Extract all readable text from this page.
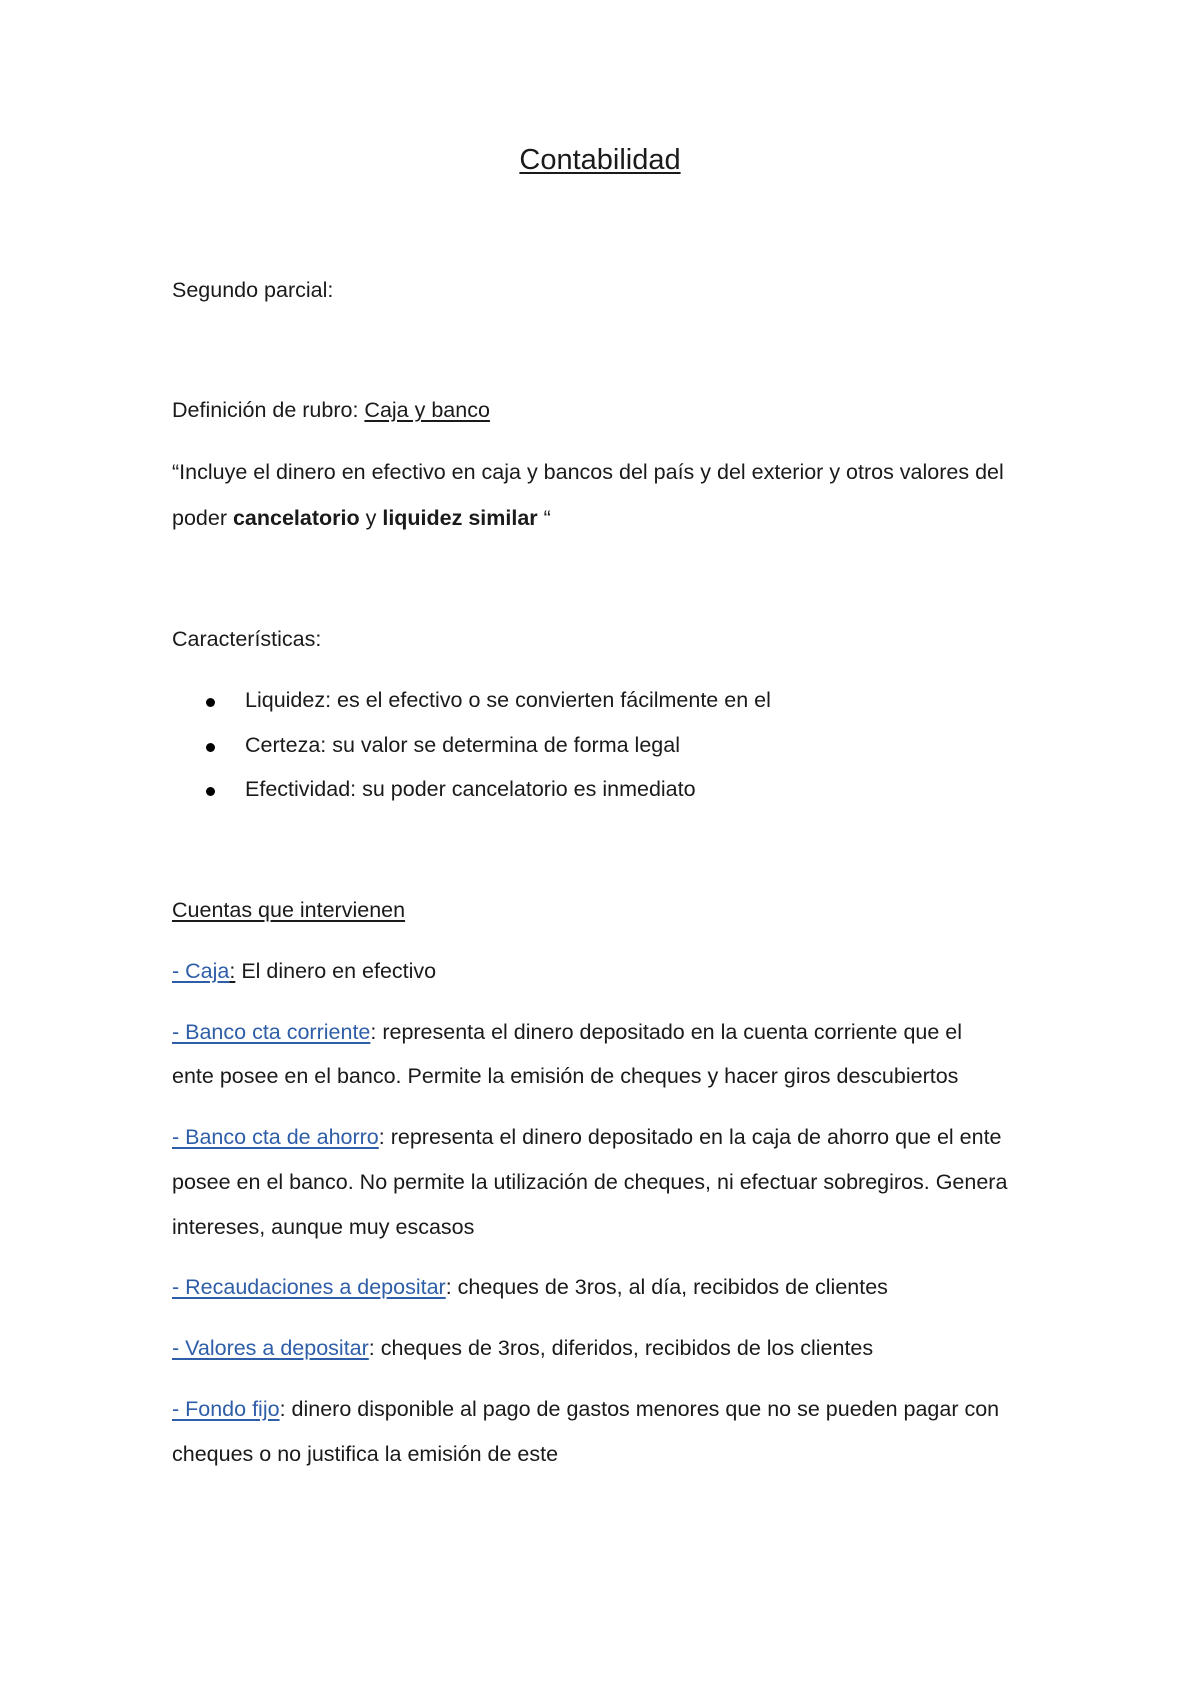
Contabilidad

Segundo parcial:

Definición de rubro: Caja y banco

“Incluye el dinero en efectivo en caja y bancos del país y del exterior y otros valores del

poder cancelatorio y liquidez similar “

Características:

Liquidez: es el efectivo o se convierten fácilmente en el
Certeza: su valor se determina de forma legal
Efectividad: su poder cancelatorio es inmediato

Cuentas que intervienen

- Caja: El dinero en efectivo

- Banco cta corriente: representa el dinero depositado en la cuenta corriente que el

ente posee en el banco. Permite la emisión de cheques y hacer giros descubiertos

- Banco cta de ahorro: representa el dinero depositado en la caja de ahorro que el ente

posee en el banco. No permite la utilización de cheques, ni efectuar sobregiros. Genera

intereses, aunque muy escasos

- Recaudaciones a depositar: cheques de 3ros, al día, recibidos de clientes

- Valores a depositar: cheques de 3ros, diferidos, recibidos de los clientes

- Fondo fijo: dinero disponible al pago de gastos menores que no se pueden pagar con

cheques o no justifica la emisión de este
